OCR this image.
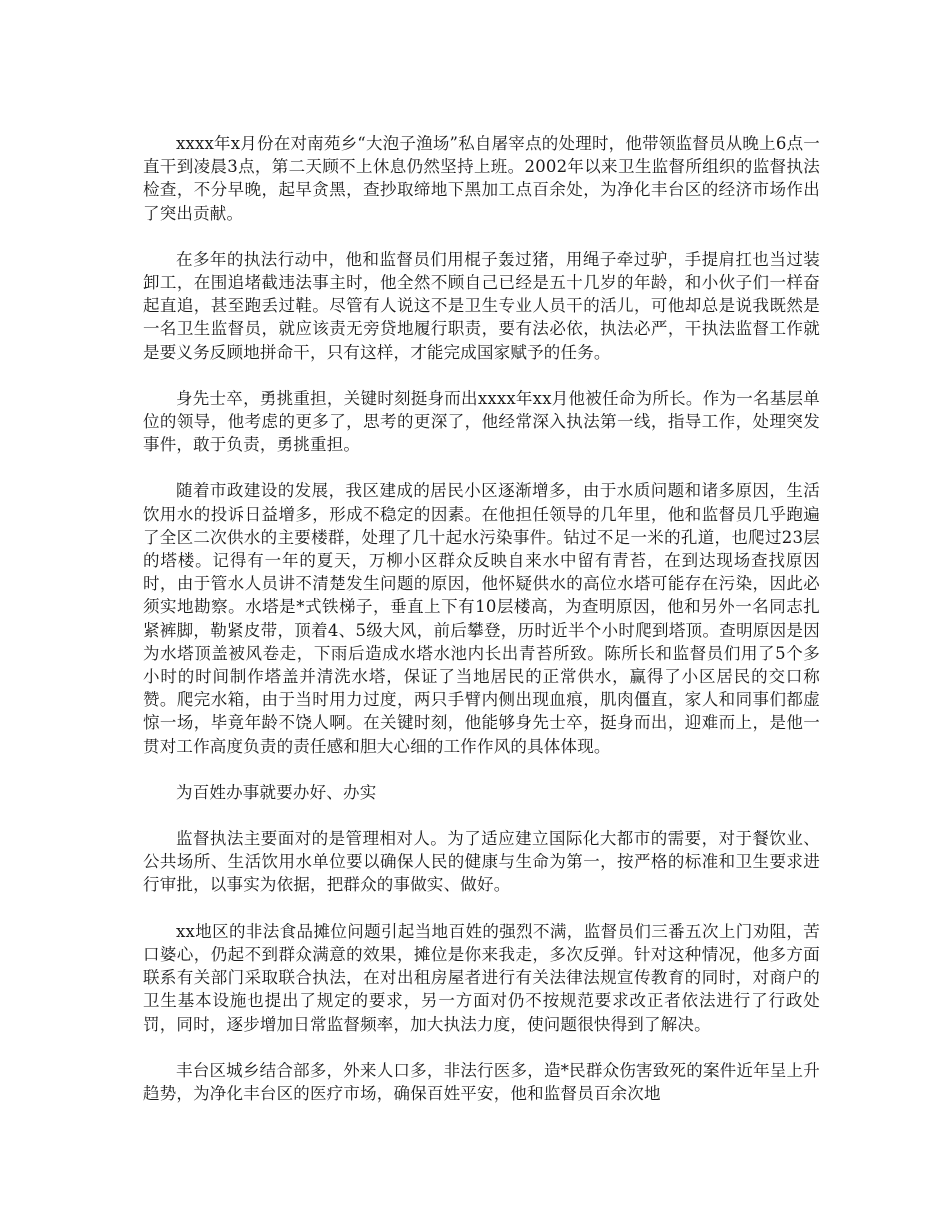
xxxx年x月份在对南苑乡“大泡子渔场”私自屠宰点的处理时，他带领监督员从晚上6点一直干到凌晨3点，第二天顾不上休息仍然坚持上班。2002年以来卫生监督所组织的监督执法检查，不分早晚，起早贪黑，查抄取缔地下黑加工点百余处，为净化丰台区的经济市场作出了突出贡献。

在多年的执法行动中，他和监督员们用棍子轰过猪，用绳子牵过驴，手提肩扛也当过装卸工，在围追堵截违法事主时，他全然不顾自己已经是五十几岁的年龄，和小伙子们一样奋起直追，甚至跑丢过鞋。尽管有人说这不是卫生专业人员干的活儿，可他却总是说我既然是一名卫生监督员，就应该责无旁贷地履行职责，要有法必依，执法必严，干执法监督工作就是要义务反顾地拼命干，只有这样，才能完成国家赋予的任务。

身先士卒，勇挑重担，关键时刻挺身而出xxxx年xx月他被任命为所长。作为一名基层单位的领导，他考虑的更多了，思考的更深了，他经常深入执法第一线，指导工作，处理突发事件，敢于负责，勇挑重担。

随着市政建设的发展，我区建成的居民小区逐渐增多，由于水质问题和诸多原因，生活饮用水的投诉日益增多，形成不稳定的因素。在他担任领导的几年里，他和监督员几乎跑遍了全区二次供水的主要楼群，处理了几十起水污染事件。钻过不足一米的孔道，也爬过23层的塔楼。记得有一年的夏天，万柳小区群众反映自来水中留有青苔，在到达现场查找原因时，由于管水人员讲不清楚发生问题的原因，他怀疑供水的高位水塔可能存在污染，因此必须实地勘察。水塔是*式铁梯子，垂直上下有10层楼高，为查明原因，他和另外一名同志扎紧裤脚，勒紧皮带，顶着4、5级大风，前后攀登，历时近半个小时爬到塔顶。查明原因是因为水塔顶盖被风卷走，下雨后造成水塔水池内长出青苔所致。陈所长和监督员们用了5个多小时的时间制作塔盖并清洗水塔，保证了当地居民的正常供水，赢得了小区居民的交口称赞。爬完水箱，由于当时用力过度，两只手臂内侧出现血痕，肌肉僵直，家人和同事们都虚惊一场，毕竟年龄不饶人啊。在关键时刻，他能够身先士卒，挺身而出，迎难而上，是他一贯对工作高度负责的责任感和胆大心细的工作作风的具体体现。

为百姓办事就要办好、办实

监督执法主要面对的是管理相对人。为了适应建立国际化大都市的需要，对于餐饮业、公共场所、生活饮用水单位要以确保人民的健康与生命为第一，按严格的标准和卫生要求进行审批，以事实为依据，把群众的事做实、做好。

xx地区的非法食品摊位问题引起当地百姓的强烈不满，监督员们三番五次上门劝阻，苦口婆心，仍起不到群众满意的效果，摊位是你来我走，多次反弹。针对这种情况，他多方面联系有关部门采取联合执法，在对出租房屋者进行有关法律法规宣传教育的同时，对商户的卫生基本设施也提出了规定的要求，另一方面对仍不按规范要求改正者依法进行了行政处罚，同时，逐步增加日常监督频率，加大执法力度，使问题很快得到了解决。

丰台区城乡结合部多，外来人口多，非法行医多，造*民群众伤害致死的案件近年呈上升趋势，为净化丰台区的医疗市场，确保百姓平安，他和监督员百余次地
